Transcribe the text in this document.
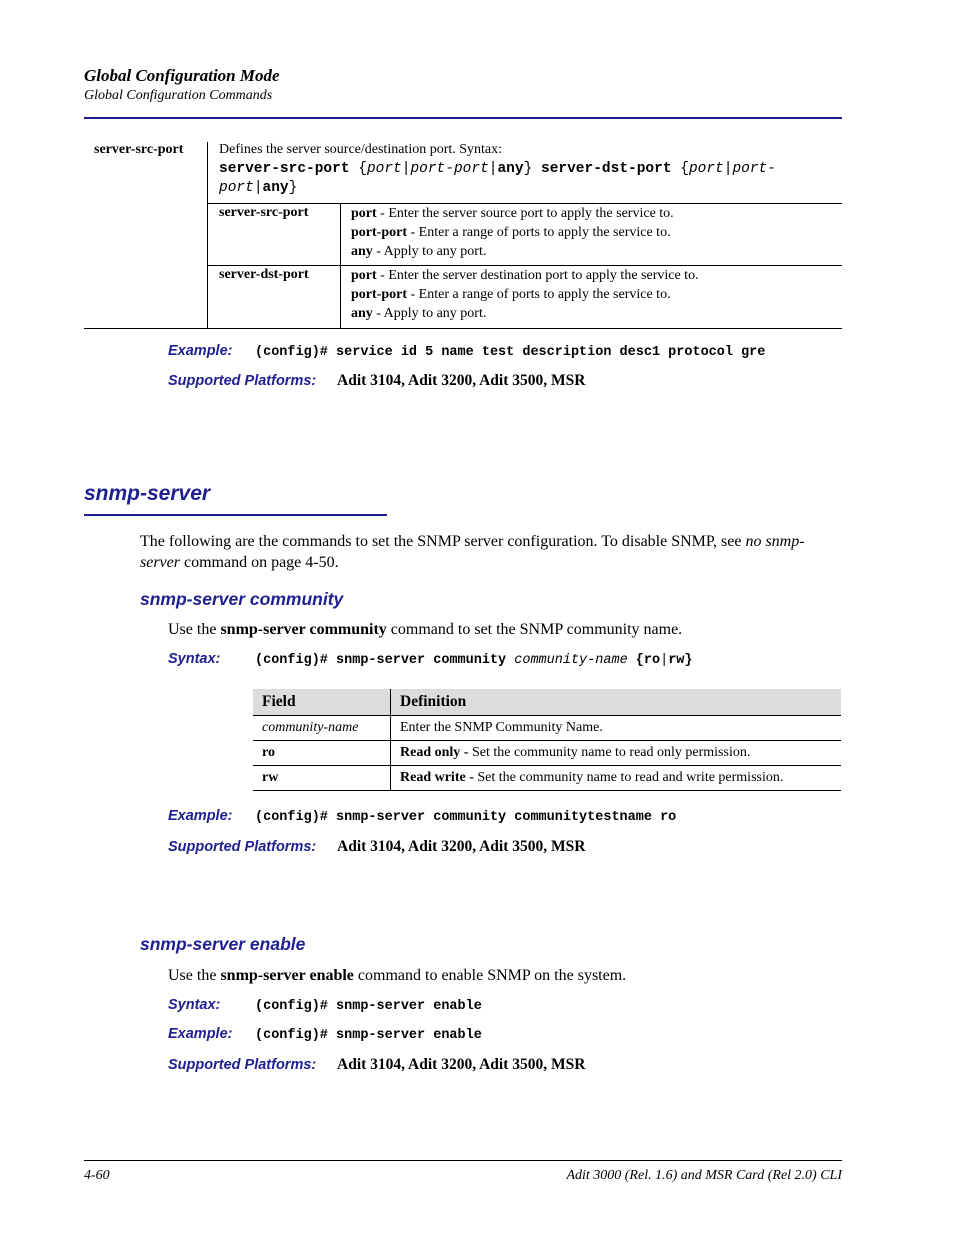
Global Configuration Mode
Global Configuration Commands
server-src-port	Defines the server source/destination port. Syntax:
server-src-port {port|port-port|any} server-dst-port {port|port-
port|any}
server-src-port	port - Enter the server source port to apply the service to.
port-port - Enter a range of ports to apply the service to.
any - Apply to any port.
server-dst-port	port - Enter the server destination port to apply the service to.
port-port - Enter a range of ports to apply the service to.
any - Apply to any port.
Example: (config)# service id 5 name test description desc1 protocol gre
Supported Platforms: Adit 3104, Adit 3200, Adit 3500, MSR
snmp-server
The following are the commands to set the SNMP server configuration. To disable SNMP, see no snmp-
server command on page 4-50.
snmp-server community
Use the snmp-server community command to set the SNMP community name.
Syntax:	(config)# snmp-server community community-name {ro|rw}
Field	Definition
community-name	Enter the SNMP Community Name.
ro	Read only - Set the community name to read only permission.
rw	Read write - Set the community name to read and write permission.
Example: (config)# snmp-server community communitytestname ro
Supported Platforms: Adit 3104, Adit 3200, Adit 3500, MSR
snmp-server enable
Use the snmp-server enable command to enable SNMP on the system.
Syntax:	(config)# snmp-server enable
Example: (config)# snmp-server enable
Supported Platforms: Adit 3104, Adit 3200, Adit 3500, MSR
4-60	Adit 3000 (Rel. 1.6) and MSR Card (Rel 2.0) CLI
